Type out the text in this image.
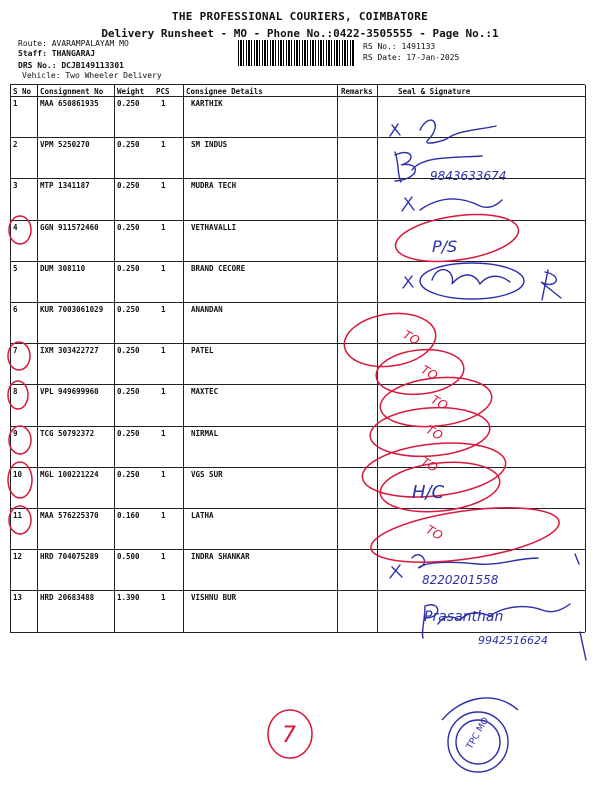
THE PROFESSIONAL COURIERS, COIMBATORE
Delivery Runsheet - MO - Phone No.:0422-3505555 - Page No.:1
Route: AVARAMPALAYAM MO
Staff: THANGARAJ
DRS No.: DCJB149113301
Vehicle: Two Wheeler Delivery
RS No.: 1491133
RS Date: 17-Jan-2025
S No Consignment No Weight PCS Consignee Details	Remarks	Seal & Signature
1	MAA 650861935 0.250	1	KARTHIK
2	VPM 5250270	0.250	1	SM INDUS
3	MTP 1341187	0.250	1	MUDRA TECH
4	GGN 911572460 0.250	1	VETHAVALLI
5	DUM 308110	0.250	1	BRAND CECORE
6	KUR 7003061029 0.250	1	ANANDAN
7	IXM 303422727 0.250	1	PATEL
8	VPL 949699960 0.250	1	MAXTEC
9	TCG 50792372	0.250	1	NIRMAL
10 MGL 100221224 0.250	1	VGS SUR
11 MAA 576225370 0.160	1	LATHA
12 HRD 704075289 0.500	1	INDRA SHANKAR
13 HRD 20683488	1.390	1	VISHNU BUR
9843633674
P/S
8220201558
Prasanthan
9942516624
TO
TO
TO
TO
TO
TO
7
H/C
TPC MO
